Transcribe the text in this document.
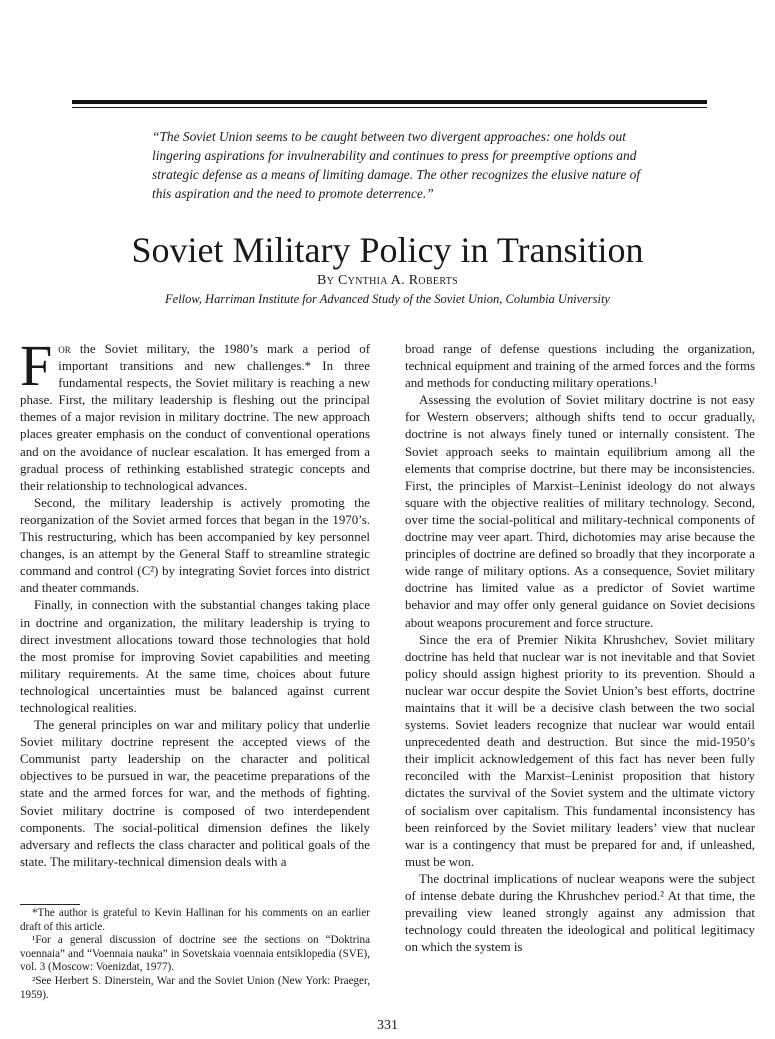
“The Soviet Union seems to be caught between two divergent approaches: one holds out lingering aspirations for invulnerability and continues to press for preemptive options and strategic defense as a means of limiting damage. The other recognizes the elusive nature of this aspiration and the need to promote deterrence.”
Soviet Military Policy in Transition
By Cynthia A. Roberts
Fellow, Harriman Institute for Advanced Study of the Soviet Union, Columbia University

For the Soviet military, the 1980’s mark a period of important transitions and new challenges.* In three fundamental respects, the Soviet military is reaching a new phase. First, the military leadership is fleshing out the principal themes of a major revision in military doctrine. The new approach places greater emphasis on the conduct of conventional operations and on the avoidance of nuclear escalation. It has emerged from a gradual process of rethinking established strategic concepts and their relationship to technological advances.

Second, the military leadership is actively promoting the reorganization of the Soviet armed forces that began in the 1970’s. This restructuring, which has been accompanied by key personnel changes, is an attempt by the General Staff to streamline strategic command and control (C²) by integrating Soviet forces into district and theater commands.

Finally, in connection with the substantial changes taking place in doctrine and organization, the military leadership is trying to direct investment allocations toward those technologies that hold the most promise for improving Soviet capabilities and meeting military requirements. At the same time, choices about future technological uncertainties must be balanced against current technological realities.

The general principles on war and military policy that underlie Soviet military doctrine represent the accepted views of the Communist party leadership on the character and political objectives to be pursued in war, the peacetime preparations of the state and the armed forces for war, and the methods of fighting. Soviet military doctrine is composed of two interdependent components. The social-political dimension defines the likely adversary and reflects the class character and political goals of the state. The military-technical dimension deals with a

broad range of defense questions including the organization, technical equipment and training of the armed forces and the forms and methods for conducting military operations.¹

Assessing the evolution of Soviet military doctrine is not easy for Western observers; although shifts tend to occur gradually, doctrine is not always finely tuned or internally consistent. The Soviet approach seeks to maintain equilibrium among all the elements that comprise doctrine, but there may be inconsistencies. First, the principles of Marxist–Leninist ideology do not always square with the objective realities of military technology. Second, over time the social-political and military-technical components of doctrine may veer apart. Third, dichotomies may arise because the principles of doctrine are defined so broadly that they incorporate a wide range of military options. As a consequence, Soviet military doctrine has limited value as a predictor of Soviet wartime behavior and may offer only general guidance on Soviet decisions about weapons procurement and force structure.

Since the era of Premier Nikita Khrushchev, Soviet military doctrine has held that nuclear war is not inevitable and that Soviet policy should assign highest priority to its prevention. Should a nuclear war occur despite the Soviet Union’s best efforts, doctrine maintains that it will be a decisive clash between the two social systems. Soviet leaders recognize that nuclear war would entail unprecedented death and destruction. But since the mid-1950’s their implicit acknowledgement of this fact has never been fully reconciled with the Marxist–Leninist proposition that history dictates the survival of the Soviet system and the ultimate victory of socialism over capitalism. This fundamental inconsistency has been reinforced by the Soviet military leaders’ view that nuclear war is a contingency that must be prepared for and, if unleashed, must be won.

The doctrinal implications of nuclear weapons were the subject of intense debate during the Khrushchev period.² At that time, the prevailing view leaned strongly against any admission that technology could threaten the ideological and political legitimacy on which the system is

*The author is grateful to Kevin Hallinan for his comments on an earlier draft of this article.

¹For a general discussion of doctrine see the sections on “Doktrina voennaia” and “Voennaia nauka” in Sovetskaia voennaia entsiklopedia (SVE), vol. 3 (Moscow: Voenizdat, 1977).

²See Herbert S. Dinerstein, War and the Soviet Union (New York: Praeger, 1959).

331
